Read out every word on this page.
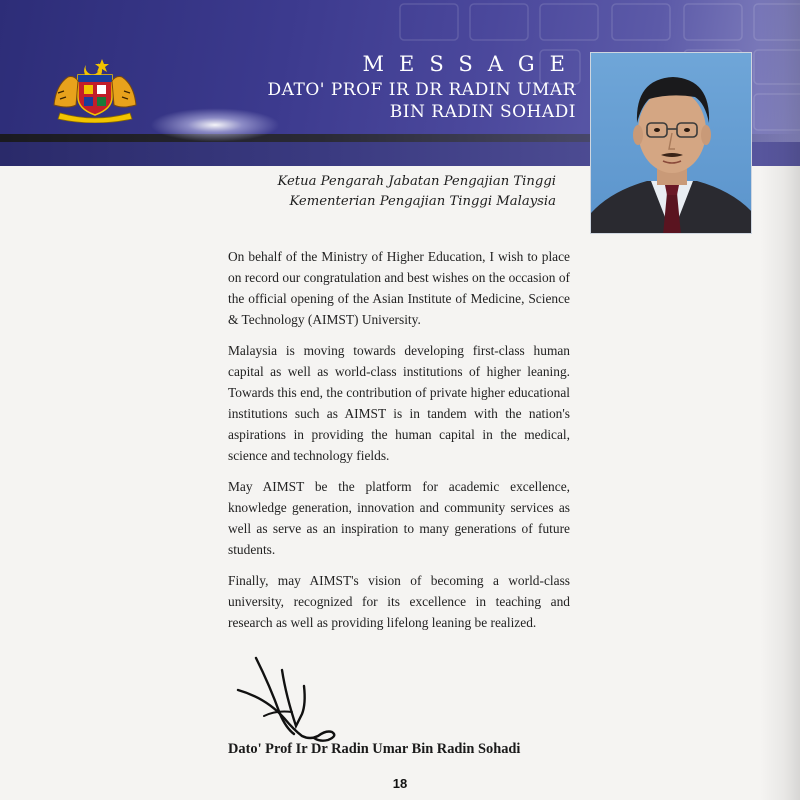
MESSAGE
DATO' PROF IR DR RADIN UMAR
BIN RADIN SOHADI
Ketua Pengarah Jabatan Pengajian Tinggi
Kementerian Pengajian Tinggi Malaysia

On behalf of the Ministry of Higher Education, I wish to place on record our congratulation and best wishes on the occasion of the official opening of the Asian Institute of Medicine, Science & Technology (AIMST) University.

Malaysia is moving towards developing first-class human capital as well as world-class institutions of higher leaning. Towards this end, the contribution of private higher educational institutions such as AIMST is in tandem with the nation's aspirations in providing the human capital in the medical, science and technology fields.

May AIMST be the platform for academic excellence, knowledge generation, innovation and community services as well as serve as an inspiration to many generations of future students.

Finally, may AIMST's vision of becoming a world-class university, recognized for its excellence in teaching and research as well as providing lifelong leaning be realized.

Dato' Prof Ir Dr Radin Umar Bin Radin Sohadi
18
